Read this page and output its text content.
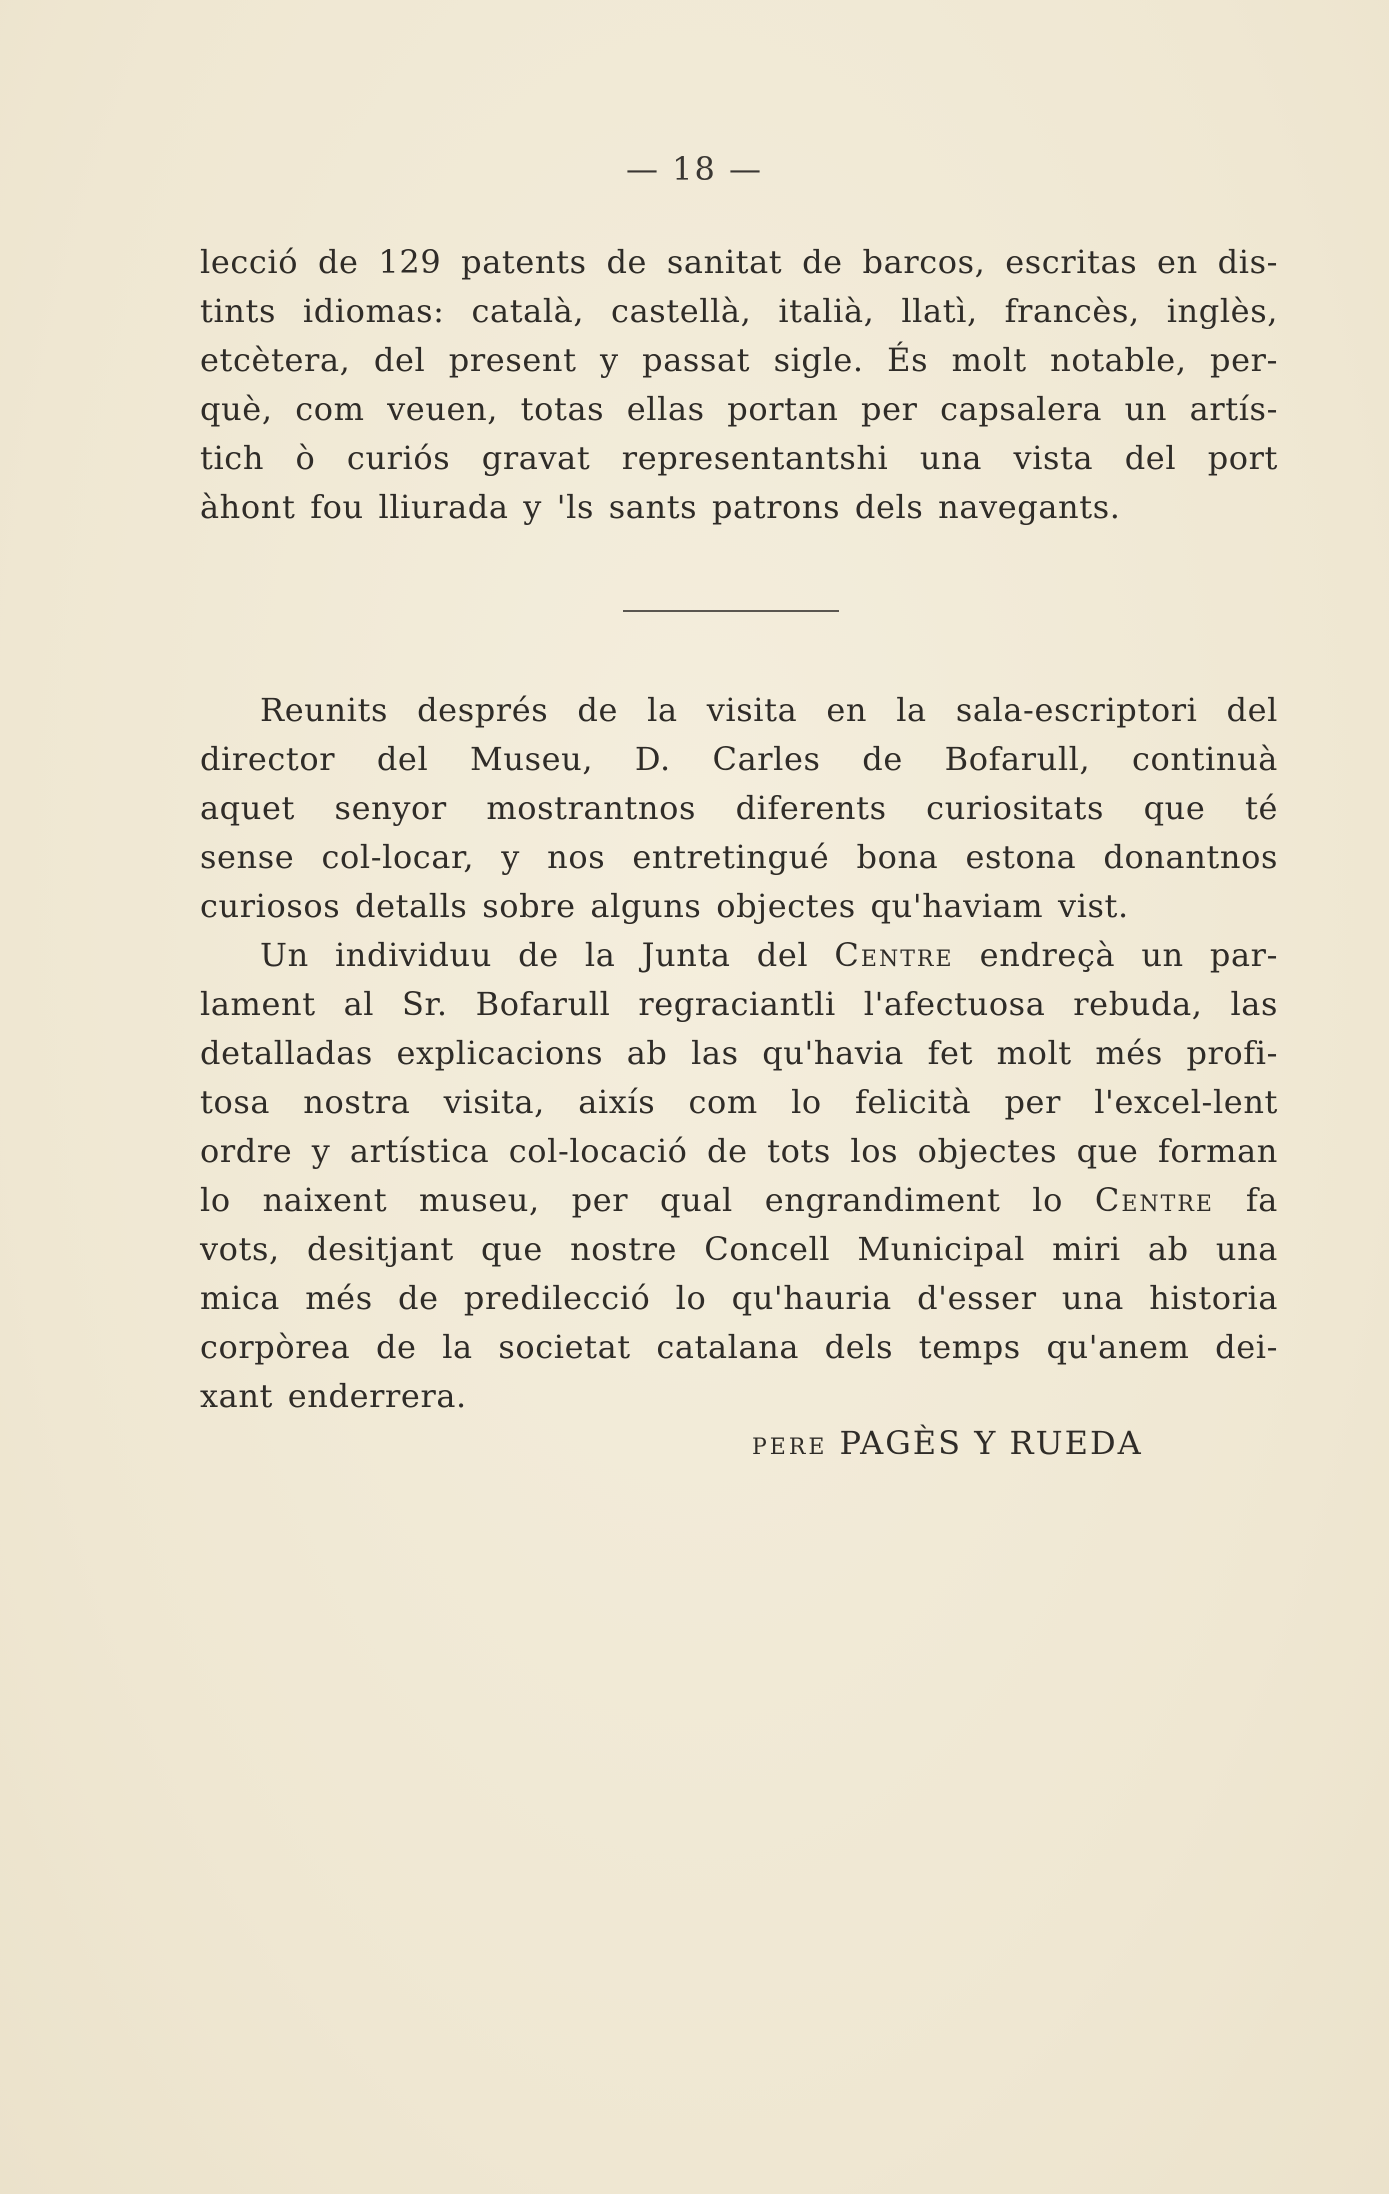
— 18 —
lecció de 129 patents de sanitat de barcos, escritas en dis-
tints idiomas: català, castellà, italià, llatì, francès, inglès,
etcètera, del present y passat sigle. És molt notable, per-
què, com veuen, totas ellas portan per capsalera un artís-
tich ò curiós gravat representantshi una vista del port
àhont fou lliurada y 'ls sants patrons dels navegants.
Reunits després de la visita en la sala-escriptori del
director del Museu, D. Carles de Bofarull, continuà
aquet senyor mostrantnos diferents curiositats que té
sense col-locar, y nos entretingué bona estona donantnos
curiosos detalls sobre alguns objectes qu'haviam vist.
Un individuu de la Junta del Centre endreçà un par-
lament al Sr. Bofarull regraciantli l'afectuosa rebuda, las
detalladas explicacions ab las qu'havia fet molt més profi-
tosa nostra visita, aixís com lo felicità per l'excel-lent
ordre y artística col-locació de tots los objectes que forman
lo naixent museu, per qual engrandiment lo Centre fa
vots, desitjant que nostre Concell Municipal miri ab una
mica més de predilecció lo qu'hauria d'esser una historia
corpòrea de la societat catalana dels temps qu'anem dei-
xant enderrera.
PERE PAGÈS Y RUEDA
